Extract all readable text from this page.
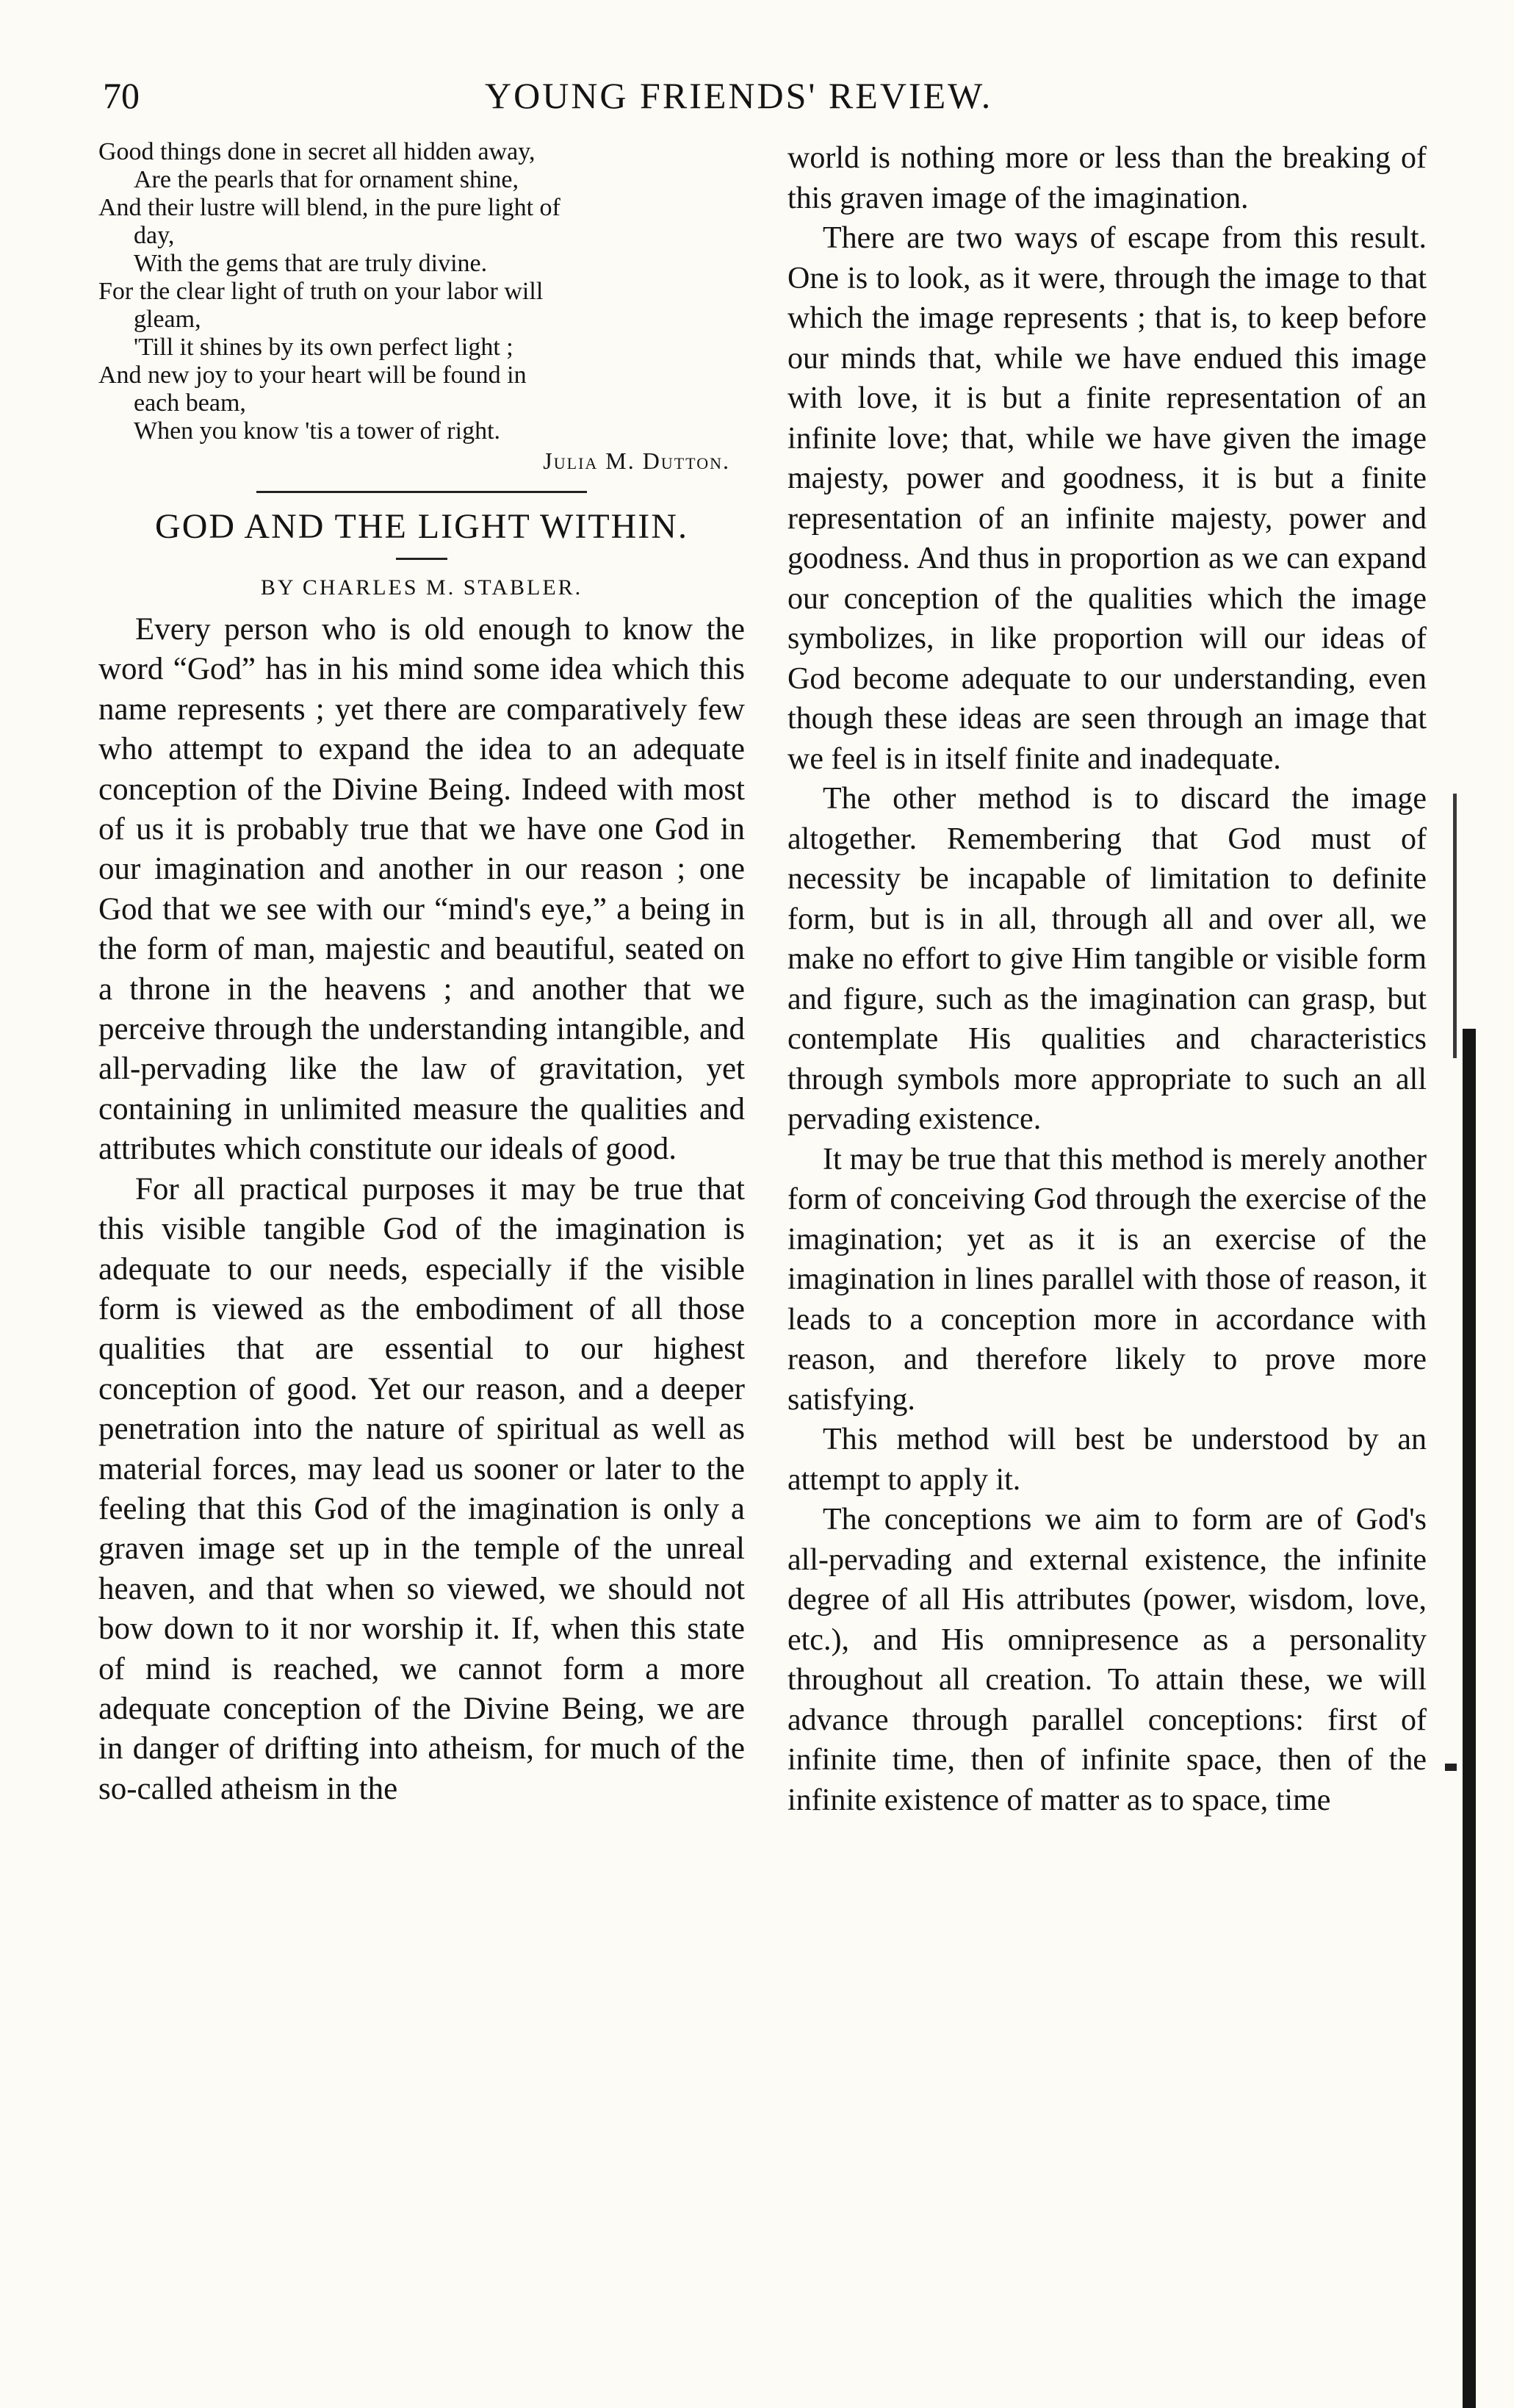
70	YOUNG FRIENDS' REVIEW.
Good things done in secret all hidden away,
Are the pearls that for ornament shine,
And their lustre will blend, in the pure light of
day,
With the gems that are truly divine.
For the clear light of truth on your labor will
gleam,
'Till it shines by its own perfect light ;
And new joy to your heart will be found in
each beam,
When you know 'tis a tower of right.
Julia M. Dutton.
GOD AND THE LIGHT WITHIN.
BY CHARLES M. STABLER.

Every person who is old enough to know the word “God” has in his mind some idea which this name represents ; yet there are comparatively few who attempt to expand the idea to an adequate conception of the Divine Being. Indeed with most of us it is probably true that we have one God in our imagination and another in our reason ; one God that we see with our “mind's eye,” a being in the form of man, majestic and beautiful, seated on a throne in the heavens ; and another that we perceive through the understanding intangible, and all-pervading like the law of gravitation, yet containing in unlimited measure the qualities and attributes which constitute our ideals of good.

For all practical purposes it may be true that this visible tangible God of the imagination is adequate to our needs, especially if the visible form is viewed as the embodiment of all those qualities that are essential to our highest conception of good. Yet our reason, and a deeper penetration into the nature of spiritual as well as material forces, may lead us sooner or later to the feeling that this God of the imagination is only a graven image set up in the temple of the unreal heaven, and that when so viewed, we should not bow down to it nor worship it. If, when this state of mind is reached, we cannot form a more adequate conception of the Divine Being, we are in danger of drifting into atheism, for much of the so-called atheism in the

world is nothing more or less than the breaking of this graven image of the imagination.

There are two ways of escape from this result. One is to look, as it were, through the image to that which the image represents ; that is, to keep before our minds that, while we have endued this image with love, it is but a finite representation of an infinite love; that, while we have given the image majesty, power and goodness, it is but a finite representation of an infinite majesty, power and goodness. And thus in proportion as we can expand our conception of the qualities which the image symbolizes, in like proportion will our ideas of God become adequate to our understanding, even though these ideas are seen through an image that we feel is in itself finite and inadequate.

The other method is to discard the image altogether. Remembering that God must of necessity be incapable of limitation to definite form, but is in all, through all and over all, we make no effort to give Him tangible or visible form and figure, such as the imagination can grasp, but contemplate His qualities and characteristics through symbols more appropriate to such an all pervading existence.

It may be true that this method is merely another form of conceiving God through the exercise of the imagination; yet as it is an exercise of the imagination in lines parallel with those of reason, it leads to a conception more in accordance with reason, and therefore likely to prove more satisfying.

This method will best be understood by an attempt to apply it.

The conceptions we aim to form are of God's all-pervading and external existence, the infinite degree of all His attributes (power, wisdom, love, etc.), and His omnipresence as a personality throughout all creation. To attain these, we will advance through parallel conceptions: first of infinite time, then of infinite space, then of the infinite existence of matter as to space, time
